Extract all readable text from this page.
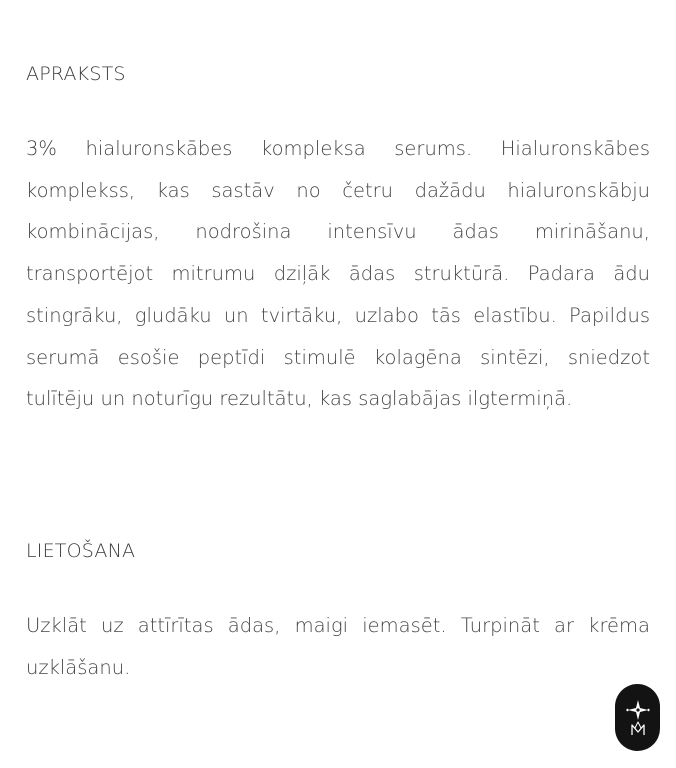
APRAKSTS

3% hialuronskābes kompleksa serums. Hialuronskābes komplekss, kas sastāv no četru dažādu hialuronskābju kombinācijas, nodrošina intensīvu ādas mirināšanu, transportējot mitrumu dziļāk ādas struktūrā. Padara ādu stingrāku, gludāku un tvirtāku, uzlabo tās elastību. Papildus serumā esošie peptīdi stimulē kolagēna sintēzi, sniedzot tulītēju un noturīgu rezultātu, kas saglabājas ilgtermiņā.

LIETOŠANA

Uzklāt uz attīrītas ādas, maigi iemasēt. Turpināt ar krēma uzklāšanu.
